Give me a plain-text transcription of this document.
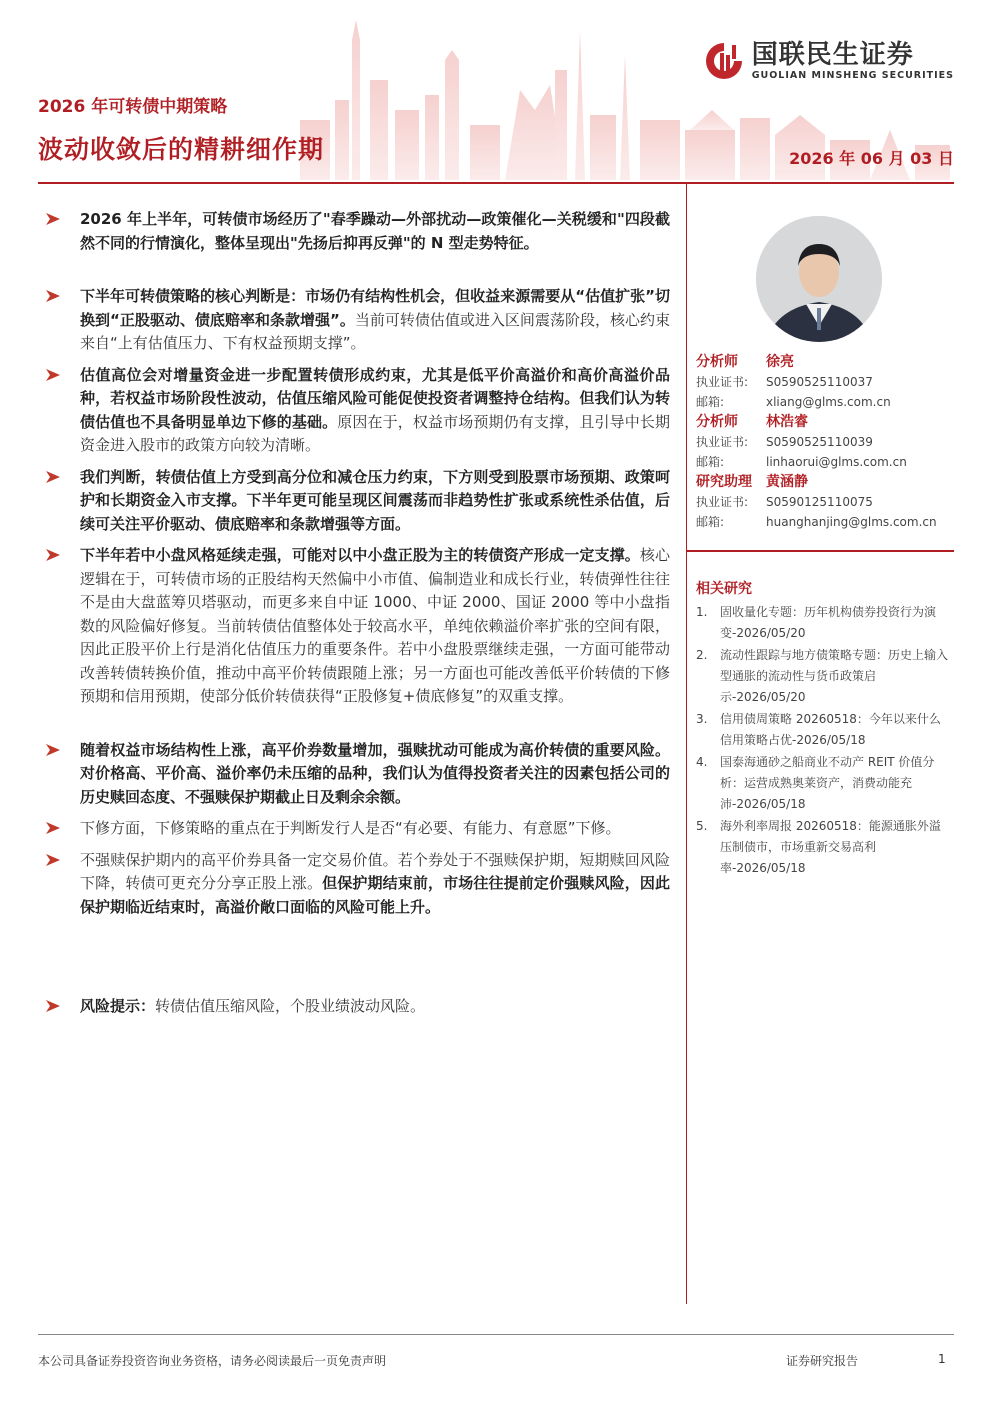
国联民生证券
GUOLIAN MINSHENG SECURITIES
2026 年可转债中期策略
波动收敛后的精耕细作期	2026 年 06 月 03 日
2026 年上半年，可转债市场经历了"春季躁动—外部扰动—政策催化—关税缓和"四段截然不同的行情演化，整体呈现出"先扬后抑再反弹"的 N 型走势特征。
下半年可转债策略的核心判断是：市场仍有结构性机会，但收益来源需要从“估值扩张”切换到“正股驱动、债底赔率和条款增强”。当前可转债估值或进入区间震荡阶段，核心约束来自“上有估值压力、下有权益预期支撑”。
估值高位会对增量资金进一步配置转债形成约束，尤其是低平价高溢价和高价高溢价品种，若权益市场阶段性波动，估值压缩风险可能促使投资者调整持仓结构。但我们认为转债估值也不具备明显单边下修的基础。原因在于，权益市场预期仍有支撑，且引导中长期资金进入股市的政策方向较为清晰。
我们判断，转债估值上方受到高分位和减仓压力约束，下方则受到股票市场预期、政策呵护和长期资金入市支撑。下半年更可能呈现区间震荡而非趋势性扩张或系统性杀估值，后续可关注平价驱动、债底赔率和条款增强等方面。
下半年若中小盘风格延续走强，可能对以中小盘正股为主的转债资产形成一定支撑。核心逻辑在于，可转债市场的正股结构天然偏中小市值、偏制造业和成长行业，转债弹性往往不是由大盘蓝筹贝塔驱动，而更多来自中证 1000、中证 2000、国证 2000 等中小盘指数的风险偏好修复。当前转债估值整体处于较高水平，单纯依赖溢价率扩张的空间有限，因此正股平价上行是消化估值压力的重要条件。若中小盘股票继续走强，一方面可能带动改善转债转换价值，推动中高平价转债跟随上涨；另一方面也可能改善低平价转债的下修预期和信用预期，使部分低价转债获得“正股修复+债底修复”的双重支撑。
随着权益市场结构性上涨，高平价券数量增加，强赎扰动可能成为高价转债的重要风险。对价格高、平价高、溢价率仍未压缩的品种，我们认为值得投资者关注的因素包括公司的历史赎回态度、不强赎保护期截止日及剩余余额。
下修方面，下修策略的重点在于判断发行人是否“有必要、有能力、有意愿”下修。
不强赎保护期内的高平价券具备一定交易价值。若个券处于不强赎保护期，短期赎回风险下降，转债可更充分分享正股上涨。但保护期结束前，市场往往提前定价强赎风险，因此保护期临近结束时，高溢价敞口面临的风险可能上升。
风险提示：转债估值压缩风险，个股业绩波动风险。
分析师	徐亮
执业证书:	S0590525110037
邮箱:	xliang@glms.com.cn
分析师	林浩睿
执业证书:	S0590525110039
邮箱:	linhaorui@glms.com.cn
研究助理	黄涵静
执业证书:	S0590125110075
邮箱:	huanghanjing@glms.com.cn
相关研究
1.	固收量化专题：历年机构债券投资行为演变-2026/05/20
2.	流动性跟踪与地方债策略专题：历史上输入型通胀的流动性与货币政策启示-2026/05/20
3.	信用债周策略 20260518：今年以来什么信用策略占优-2026/05/18
4.	国泰海通砂之船商业不动产 REIT 价值分析：运营成熟奥莱资产，消费动能充沛-2026/05/18
5.	海外利率周报 20260518：能源通胀外溢压制债市，市场重新交易高利率-2026/05/18
本公司具备证券投资咨询业务资格，请务必阅读最后一页免责声明	证券研究报告	1
